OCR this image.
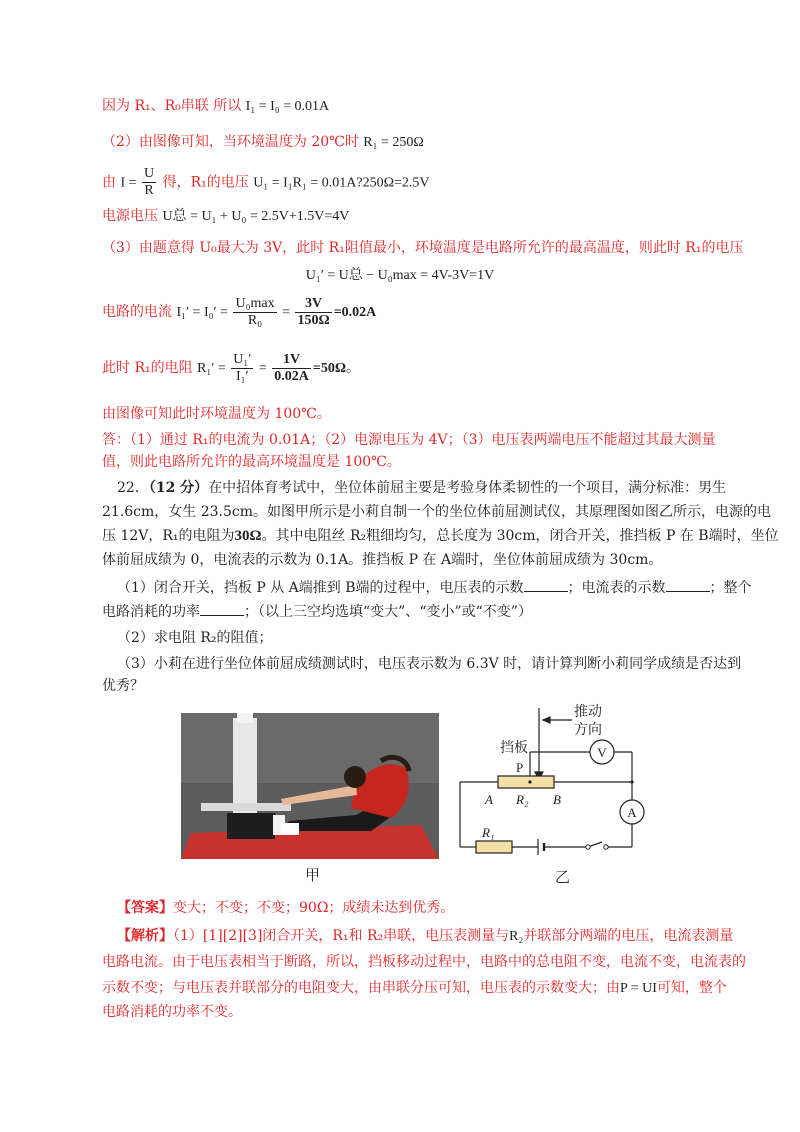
因为 R₁、R₀串联 所以 I₁ = I₀ = 0.01A
（2）由图像可知，当环境温度为 20℃时 R₁ = 250Ω
由 $I = \frac{U}{R}$ 得，R₁的电压 U₁ = I₁R₁ = 0.01A?250Ω=2.5V
电源电压 U总 = U₁ + U₀ = 2.5V+1.5V=4V
（3）由题意得 U₀最大为 3V，此时 R₁阻值最小，环境温度是电路所允许的最高温度，则此时 R₁的电压
U₁′ = U总 − U₀max = 4V-3V=1V
电路的电流 $I_1' = I_0' = \frac{\text{U₀max}}{\text{R₀}} = \frac{3V}{150\Omega} =0.02A$
此时 R₁的电阻 $R_1' = \frac{\text{U₁′}}{\text{I₁′}} = \frac{1V}{0.02A} =50\Omega$。
由图像可知此时环境温度为 100℃。
答：（1）通过 R₁的电流为 0.01A；（2）电源电压为 4V；（3）电压表两端电压不能超过其最大测量
值，则此电路所允许的最高环境温度是 100℃。
22．（12 分）在中招体育考试中，坐位体前屈主要是考验身体柔韧性的一个项目，满分标准：男生
21.6cm，女生 23.5cm。如图甲所示是小莉自制一个的坐位体前屈测试仪，其原理图如图乙所示，电源的电
压 12V，R₁的电阻为30Ω。其中电阻丝 R₂粗细均匀，总长度为 30cm，闭合开关，推挡板 P 在 B端时，坐位
体前屈成绩为 0，电流表的示数为 0.1A。推挡板 P 在 A端时，坐位体前屈成绩为 30cm。
（1）闭合开关，挡板 P 从 A端推到 B端的过程中，电压表的示数	；电流表的示数	；整个
电路消耗的功率	；（以上三空均选填“变大”、“变小”或“不变”）
（2）求电阻 R₂的阻值；
（3）小莉在进行坐位体前屈成绩测试时，电压表示数为 6.3V 时，请计算判断小莉同学成绩是否达到
优秀？
推动
方向
挡板
P
A R₂ B
R₁
V
A
甲	乙
【答案】变大；不变；不变；90Ω；成绩未达到优秀。
【解析】（1）[1][2][3]闭合开关，R₁和 R₂串联，电压表测量与R₂并联部分两端的电压，电流表测量
电路电流。由于电压表相当于断路，所以，挡板移动过程中，电路中的总电阻不变，电流不变，电流表的
示数不变；与电压表并联部分的电阻变大，由串联分压可知，电压表的示数变大；由P = UI可知，整个
电路消耗的功率不变。
